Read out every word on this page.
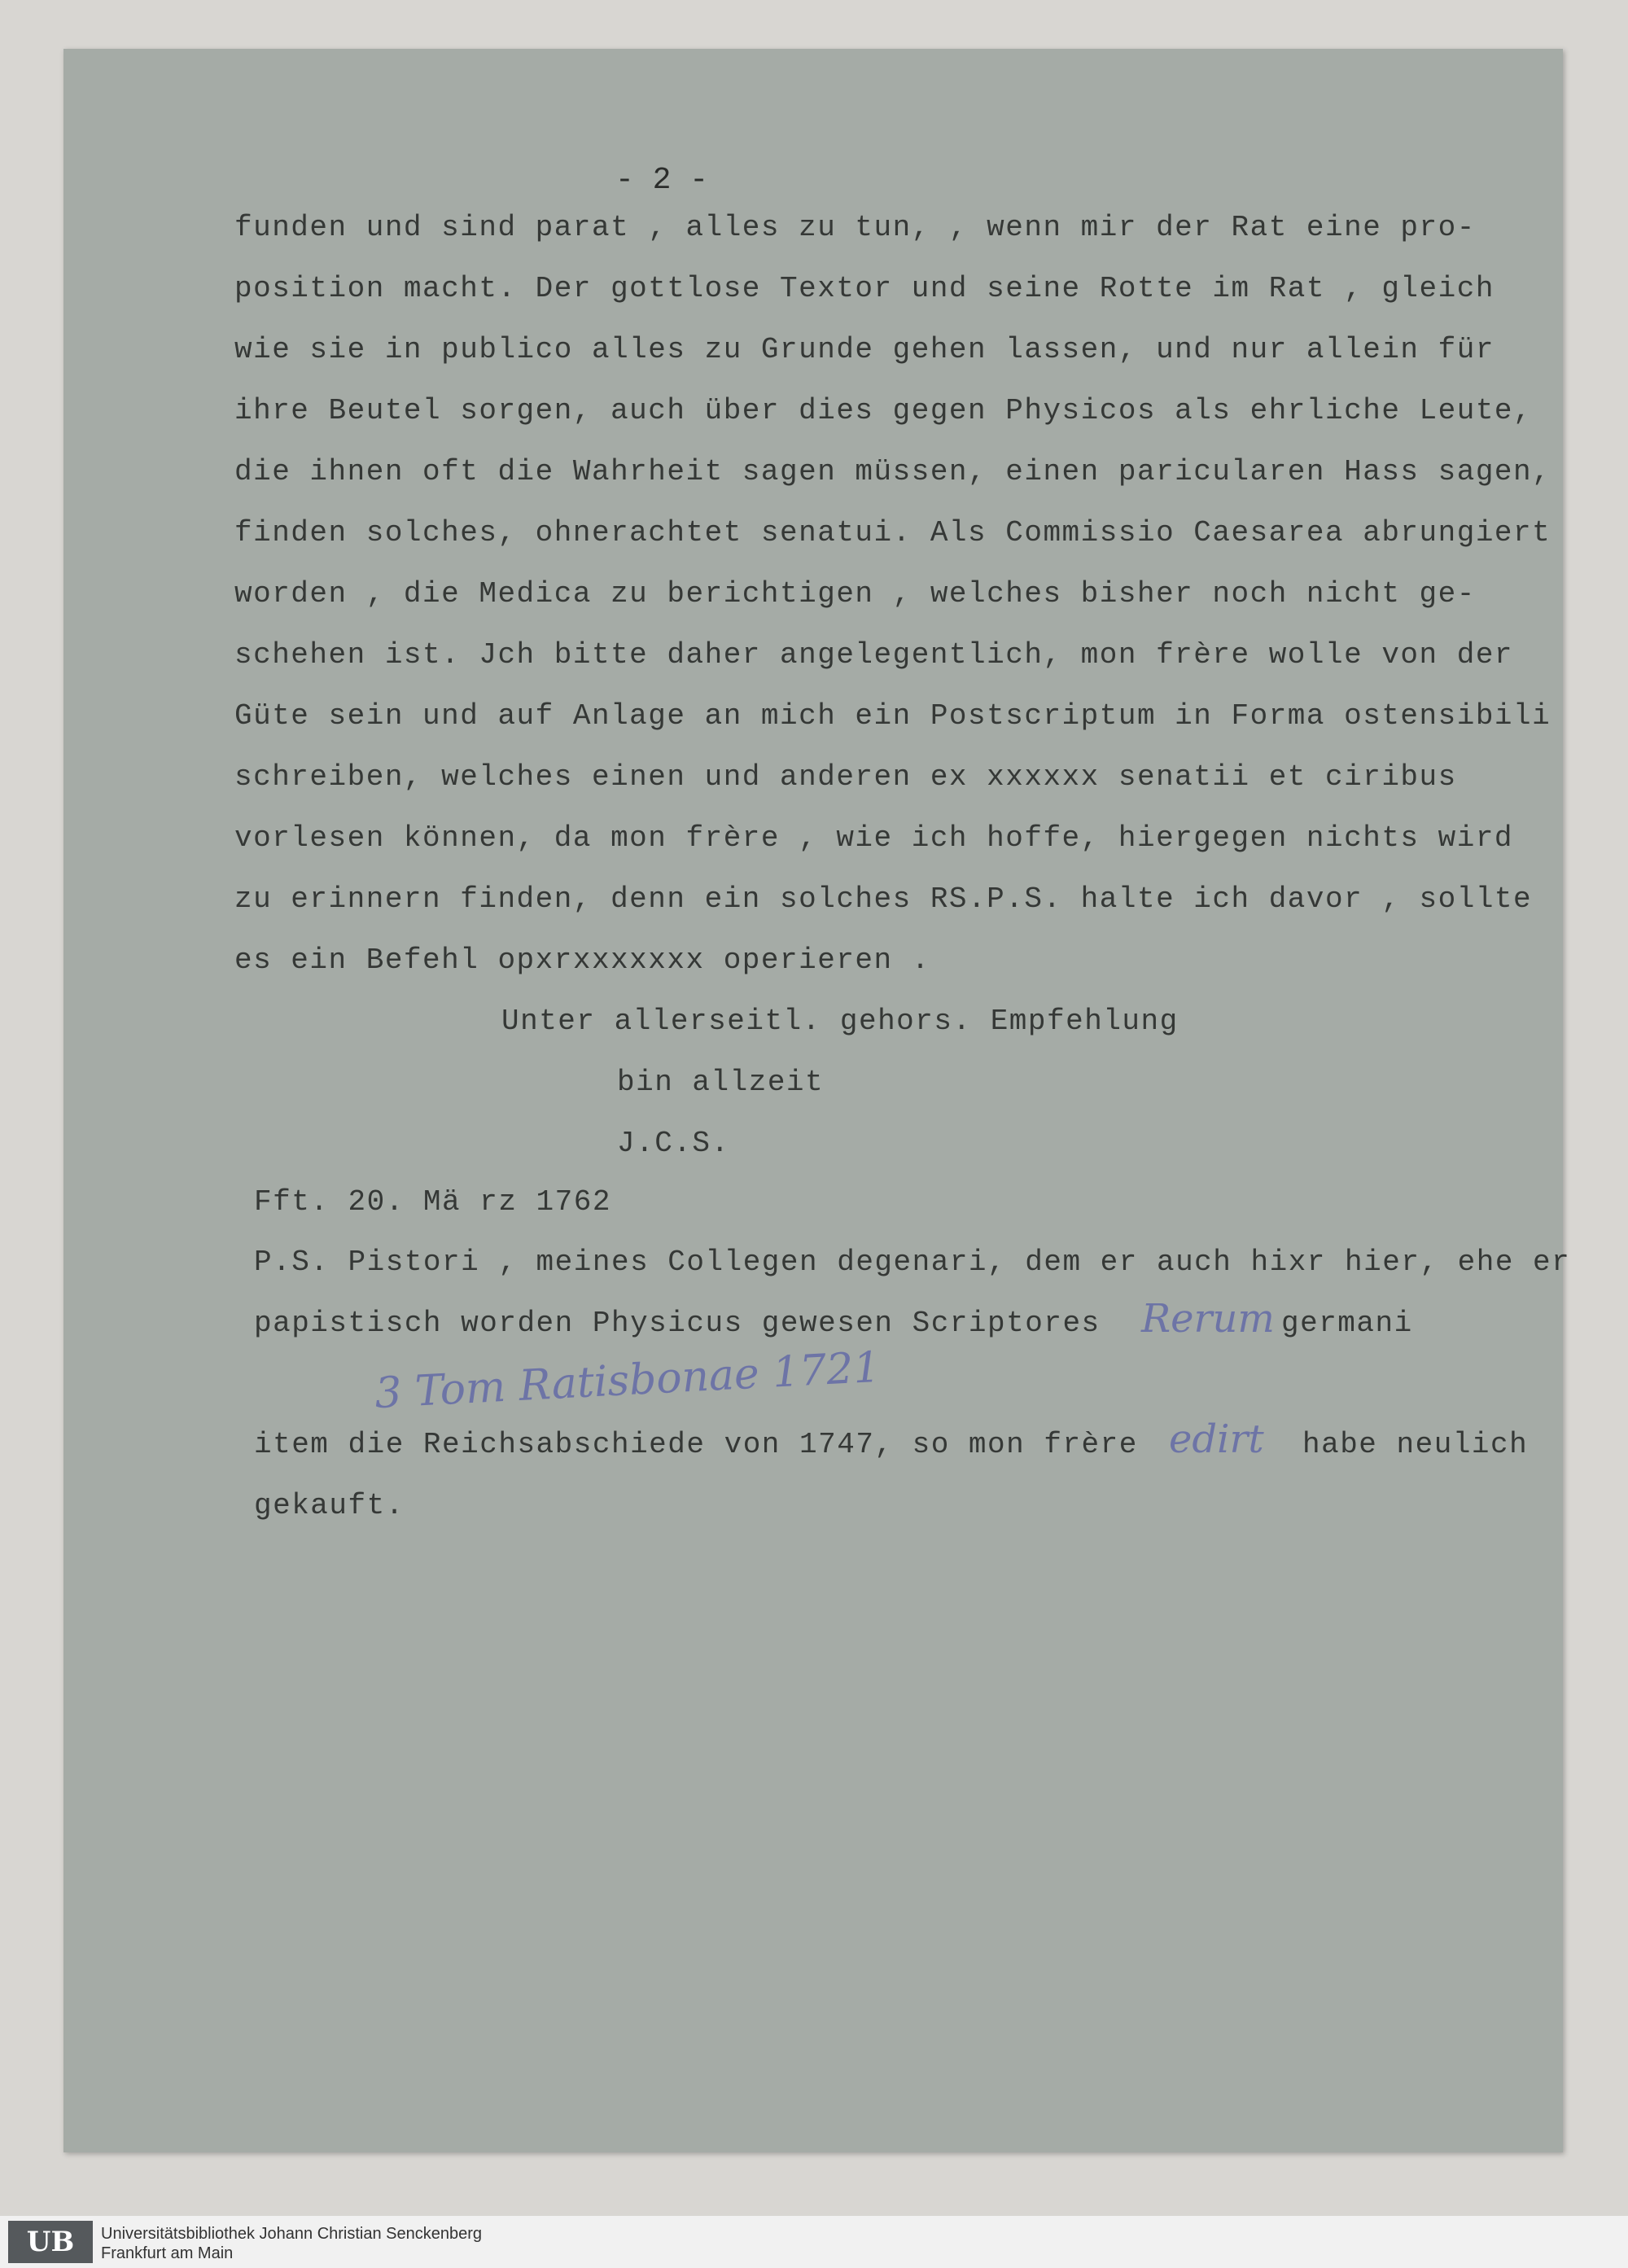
- 2 -
funden und sind parat , alles zu tun, , wenn mir der Rat eine pro-
position macht. Der gottlose Textor und seine Rotte im Rat , gleich
wie sie in publico alles zu Grunde gehen lassen, und nur allein für
ihre Beutel sorgen, auch über dies gegen Physicos als ehrliche Leute,
die ihnen oft die Wahrheit sagen müssen, einen paricularen Hass sagen,
finden solches, ohnerachtet senatui. Als Commissio Caesarea abrungiert
worden , die Medica zu berichtigen , welches bisher noch nicht ge-
schehen ist. Jch bitte daher angelegentlich, mon frère wolle von der
Güte sein und auf Anlage an mich ein Postscriptum in Forma ostensibili
schreiben, welches einen und anderen ex xxxxxx senatii et ciribus
vorlesen können, da mon frère , wie ich hoffe, hiergegen nichts wird
zu erinnern finden, denn ein solches RS.P.S. halte ich davor , sollte
es ein Befehl opxrxxxxxxx operieren .
Unter allerseitl. gehors. Empfehlung
bin allzeit
J.C.S.
Fft. 20. Mä rz 1762
P.S. Pistori , meines Collegen degenari, dem er auch hixr hier, ehe er
papistisch worden Physicus gewesen Scriptores Rerum germani
3 Tom Ratisbonae 1721
item die Reichsabschiede von 1747, so mon frère edirt habe neulich
gekauft.
UB	Universitätsbibliothek Johann Christian Senckenberg
Frankfurt am Main
